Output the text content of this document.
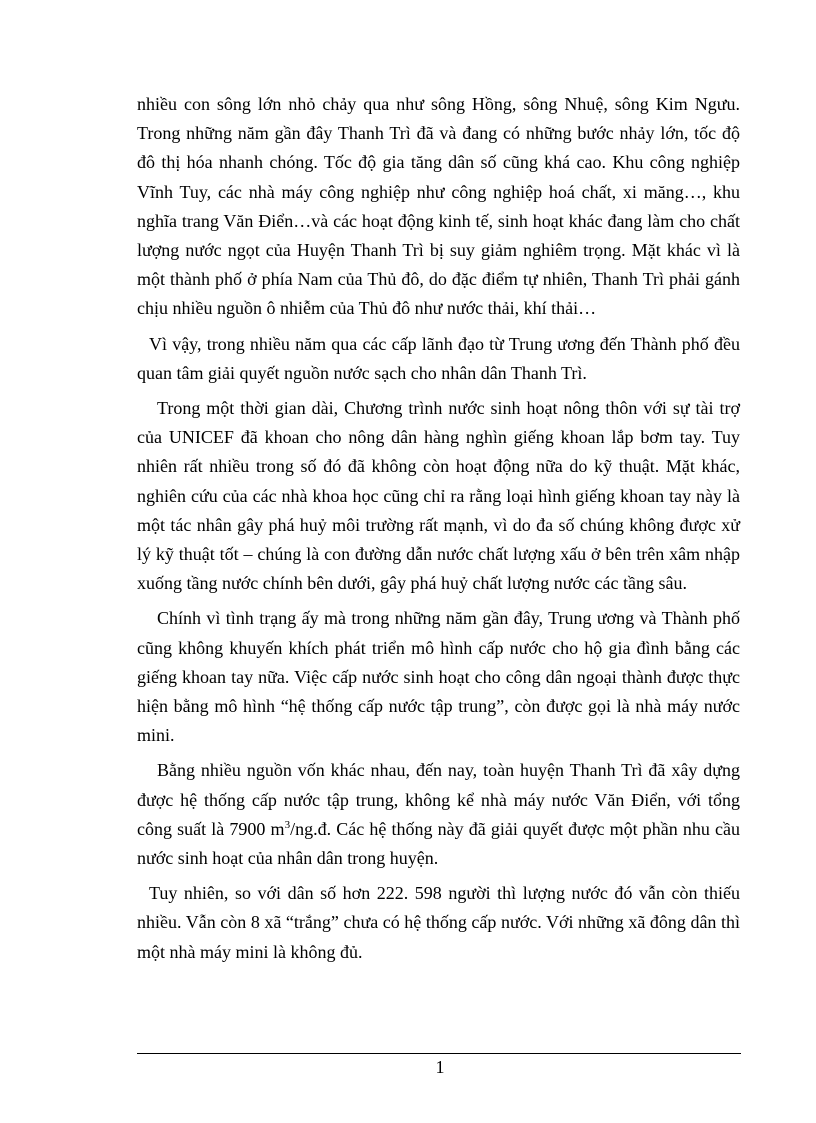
nhiều con sông lớn nhỏ chảy qua như sông Hồng, sông Nhuệ, sông Kim Ngưu. Trong những năm gần đây Thanh Trì đã và đang có những bước nhảy lớn, tốc độ đô thị hóa nhanh chóng. Tốc độ gia tăng dân số cũng khá cao. Khu công nghiệp Vĩnh Tuy, các nhà máy công nghiệp như công nghiệp hoá chất, xi măng…, khu nghĩa trang Văn Điển…và các hoạt động kinh tế, sinh hoạt khác đang làm cho chất lượng nước ngọt của Huyện Thanh Trì bị suy giảm nghiêm trọng. Mặt khác vì là một thành phố ở phía Nam của Thủ đô, do đặc điểm tự nhiên, Thanh Trì phải gánh chịu nhiều nguồn ô nhiễm của Thủ đô như nước thải, khí thải…

Vì vậy, trong nhiều năm qua các cấp lãnh đạo từ Trung ương đến Thành phố đều quan tâm giải quyết nguồn nước sạch cho nhân dân Thanh Trì.

Trong một thời gian dài, Chương trình nước sinh hoạt nông thôn với sự tài trợ của UNICEF đã khoan cho nông dân hàng nghìn giếng khoan lắp bơm tay. Tuy nhiên rất nhiều trong số đó đã không còn hoạt động nữa do kỹ thuật. Mặt khác, nghiên cứu của các nhà khoa học cũng chỉ ra rằng loại hình giếng khoan tay này là một tác nhân gây phá huỷ môi trường rất mạnh, vì do đa số chúng không được xử lý kỹ thuật tốt – chúng là con đường dẫn nước chất lượng xấu ở bên trên xâm nhập xuống tầng nước chính bên dưới, gây phá huỷ chất lượng nước các tầng sâu.

Chính vì tình trạng ấy mà trong những năm gần đây, Trung ương và Thành phố cũng không khuyến khích phát triển mô hình cấp nước cho hộ gia đình bằng các giếng khoan tay nữa. Việc cấp nước sinh hoạt cho công dân ngoại thành được thực hiện bằng mô hình “hệ thống cấp nước tập trung”, còn được gọi là nhà máy nước mini.

Bằng nhiều nguồn vốn khác nhau, đến nay, toàn huyện Thanh Trì đã xây dựng được hệ thống cấp nước tập trung, không kể nhà máy nước Văn Điển, với tổng công suất là 7900 $m^3/ng.đ$. Các hệ thống này đã giải quyết được một phần nhu cầu nước sinh hoạt của nhân dân trong huyện.

Tuy nhiên, so với dân số hơn 222. 598 người thì lượng nước đó vẫn còn thiếu nhiều. Vẫn còn 8 xã “trắng” chưa có hệ thống cấp nước. Với những xã đông dân thì một nhà máy mini là không đủ.

1
